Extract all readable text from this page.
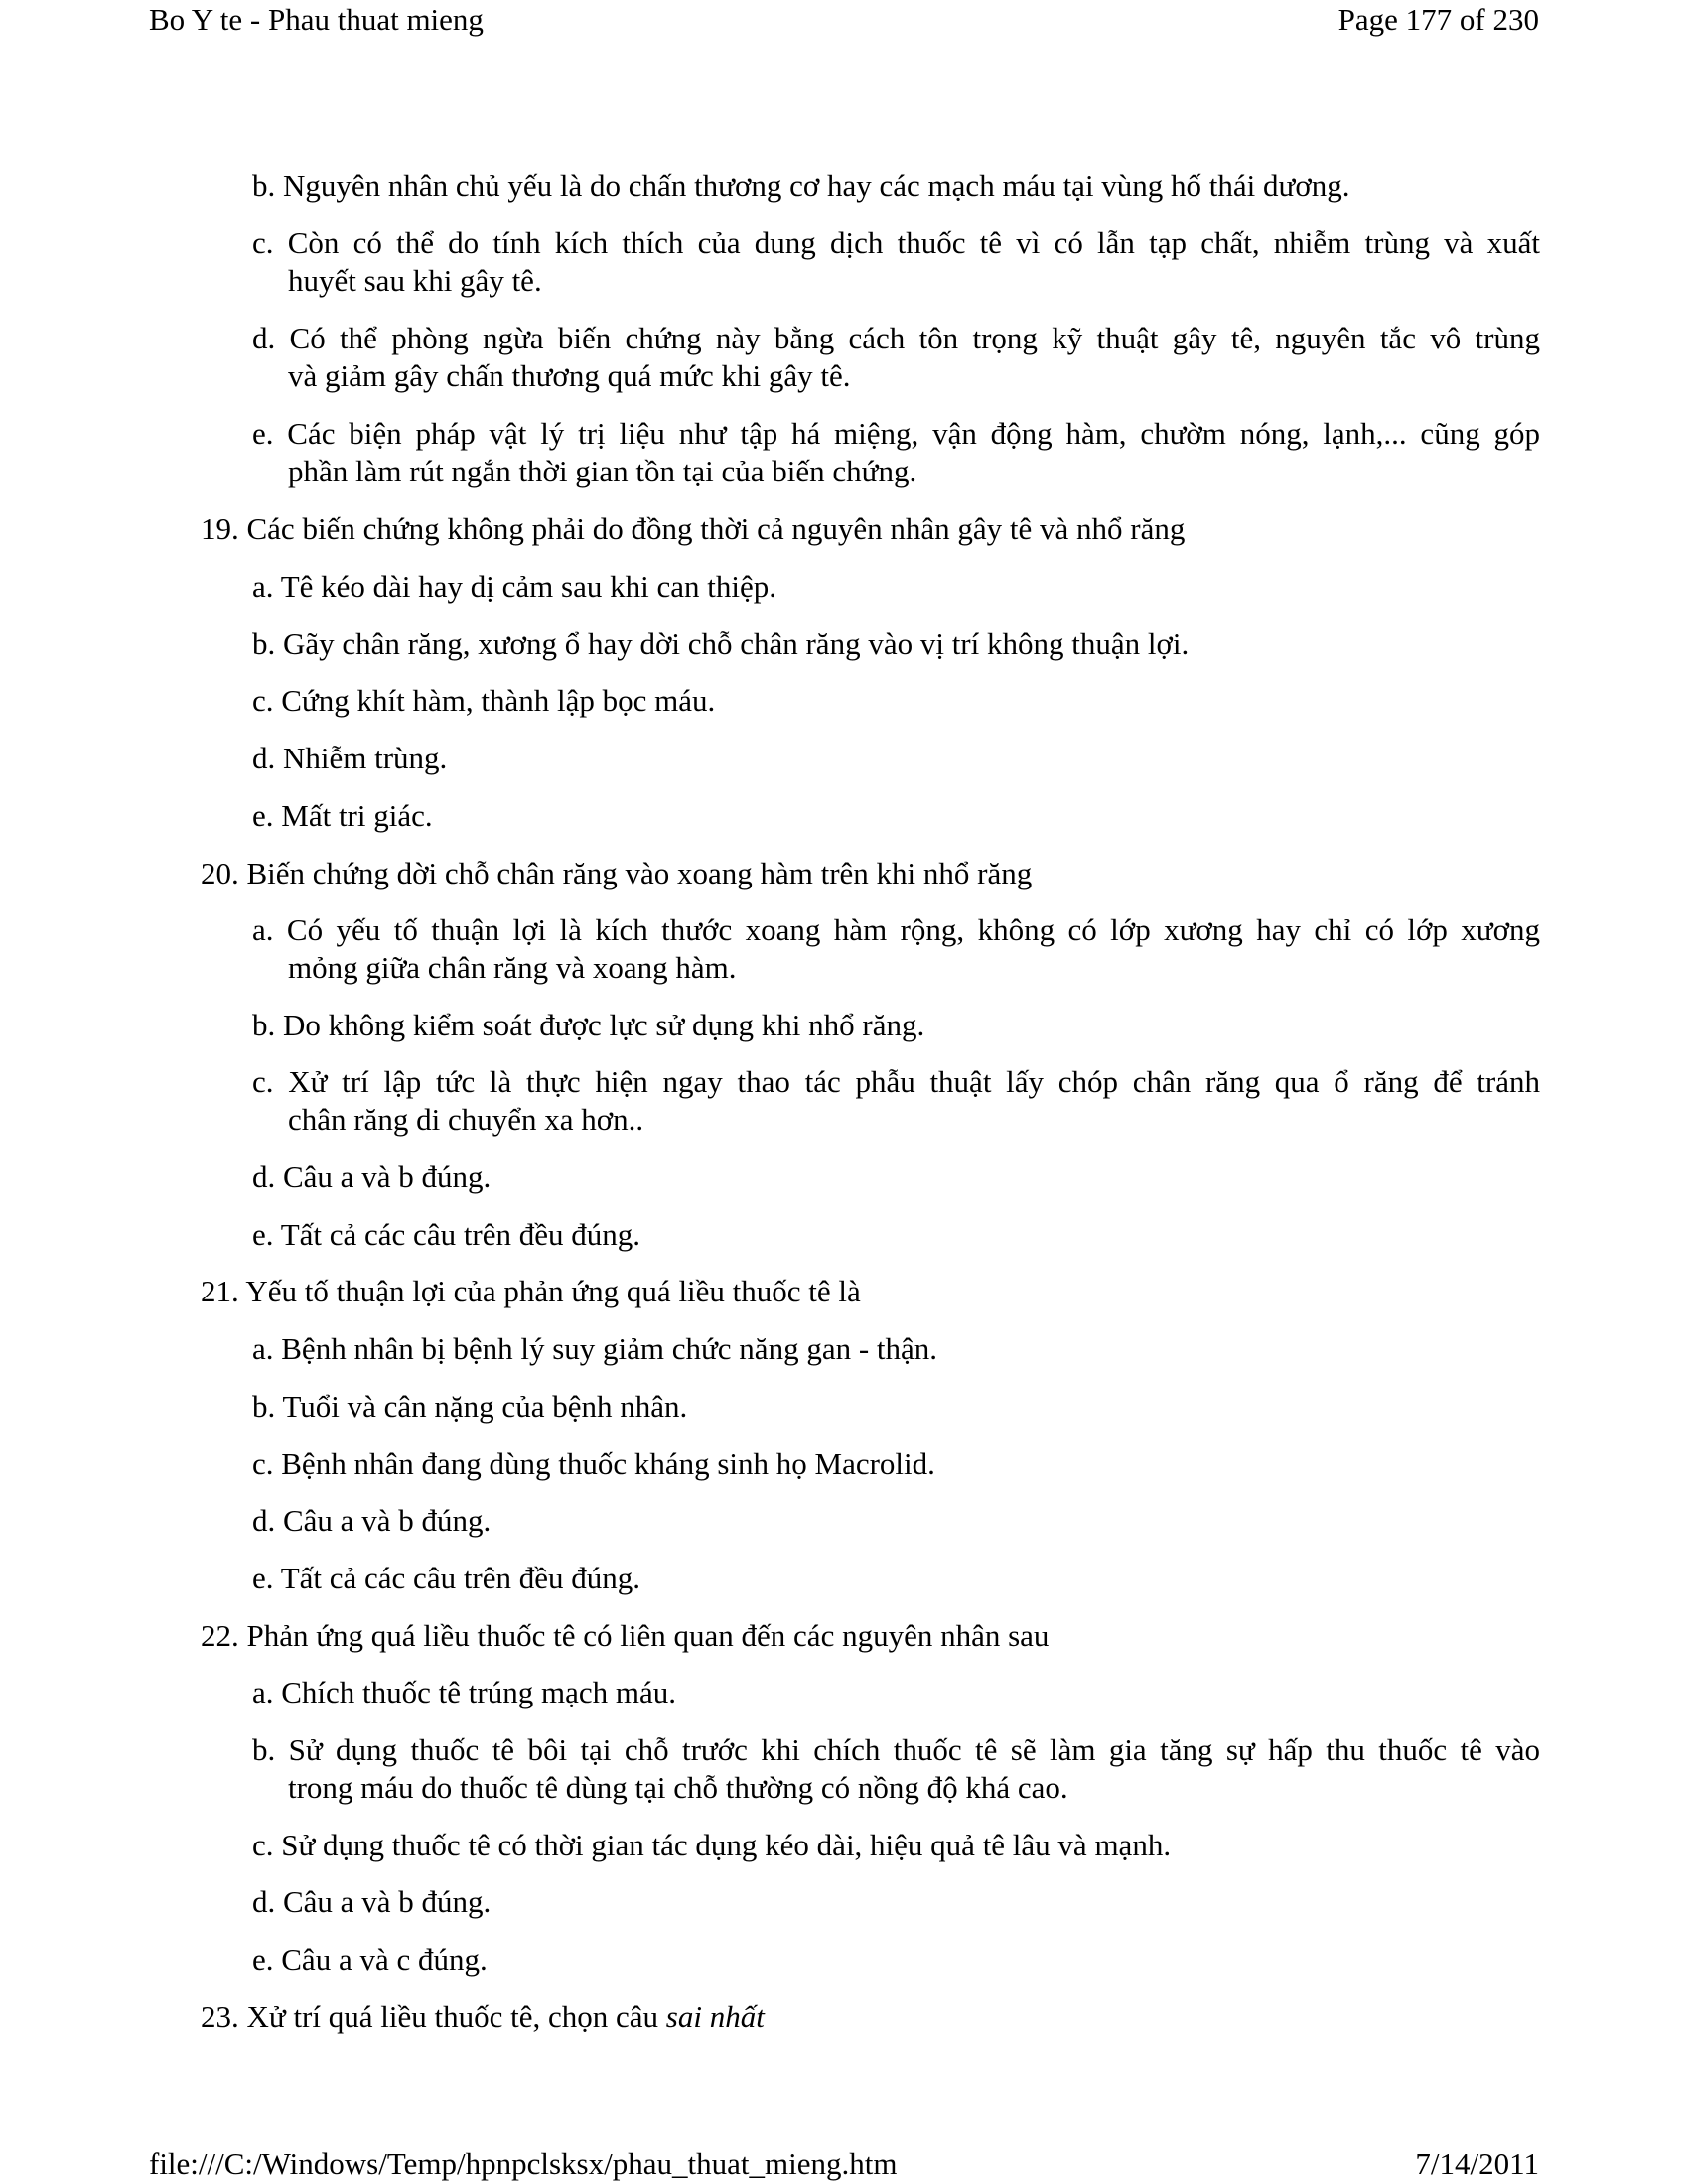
Bo Y te - Phau thuat mieng	Page 177 of 230
b. Nguyên nhân chủ yếu là do chấn thương cơ hay các mạch máu tại vùng hố thái dương.
c. Còn có thể do tính kích thích của dung dịch thuốc tê vì có lẫn tạp chất, nhiễm trùng và xuất
huyết sau khi gây tê.
d. Có thể phòng ngừa biến chứng này bằng cách tôn trọng kỹ thuật gây tê, nguyên tắc vô trùng
và giảm gây chấn thương quá mức khi gây tê.
e. Các biện pháp vật lý trị liệu như tập há miệng, vận động hàm, chườm nóng, lạnh,... cũng góp
phần làm rút ngắn thời gian tồn tại của biến chứng.
19. Các biến chứng không phải do đồng thời cả nguyên nhân gây tê và nhổ răng
a. Tê kéo dài hay dị cảm sau khi can thiệp.
b. Gãy chân răng, xương ổ hay dời chỗ chân răng vào vị trí không thuận lợi.
c. Cứng khít hàm, thành lập bọc máu.
d. Nhiễm trùng.
e. Mất tri giác.
20. Biến chứng dời chỗ chân răng vào xoang hàm trên khi nhổ răng
a. Có yếu tố thuận lợi là kích thước xoang hàm rộng, không có lớp xương hay chỉ có lớp xương
mỏng giữa chân răng và xoang hàm.
b. Do không kiểm soát được lực sử dụng khi nhổ răng.
c. Xử trí lập tức là thực hiện ngay thao tác phẫu thuật lấy chóp chân răng qua ổ răng để tránh
chân răng di chuyển xa hơn..
d. Câu a và b đúng.
e. Tất cả các câu trên đều đúng.
21. Yếu tố thuận lợi của phản ứng quá liều thuốc tê là
a. Bệnh nhân bị bệnh lý suy giảm chức năng gan - thận.
b. Tuổi và cân nặng của bệnh nhân.
c. Bệnh nhân đang dùng thuốc kháng sinh họ Macrolid.
d. Câu a và b đúng.
e. Tất cả các câu trên đều đúng.
22. Phản ứng quá liều thuốc tê có liên quan đến các nguyên nhân sau
a. Chích thuốc tê trúng mạch máu.
b. Sử dụng thuốc tê bôi tại chỗ trước khi chích thuốc tê sẽ làm gia tăng sự hấp thu thuốc tê vào
trong máu do thuốc tê dùng tại chỗ thường có nồng độ khá cao.
c. Sử dụng thuốc tê có thời gian tác dụng kéo dài, hiệu quả tê lâu và mạnh.
d. Câu a và b đúng.
e. Câu a và c đúng.
23. Xử trí quá liều thuốc tê, chọn câu sai nhất
file:///C:/Windows/Temp/hpnpclsksx/phau_thuat_mieng.htm	7/14/2011
